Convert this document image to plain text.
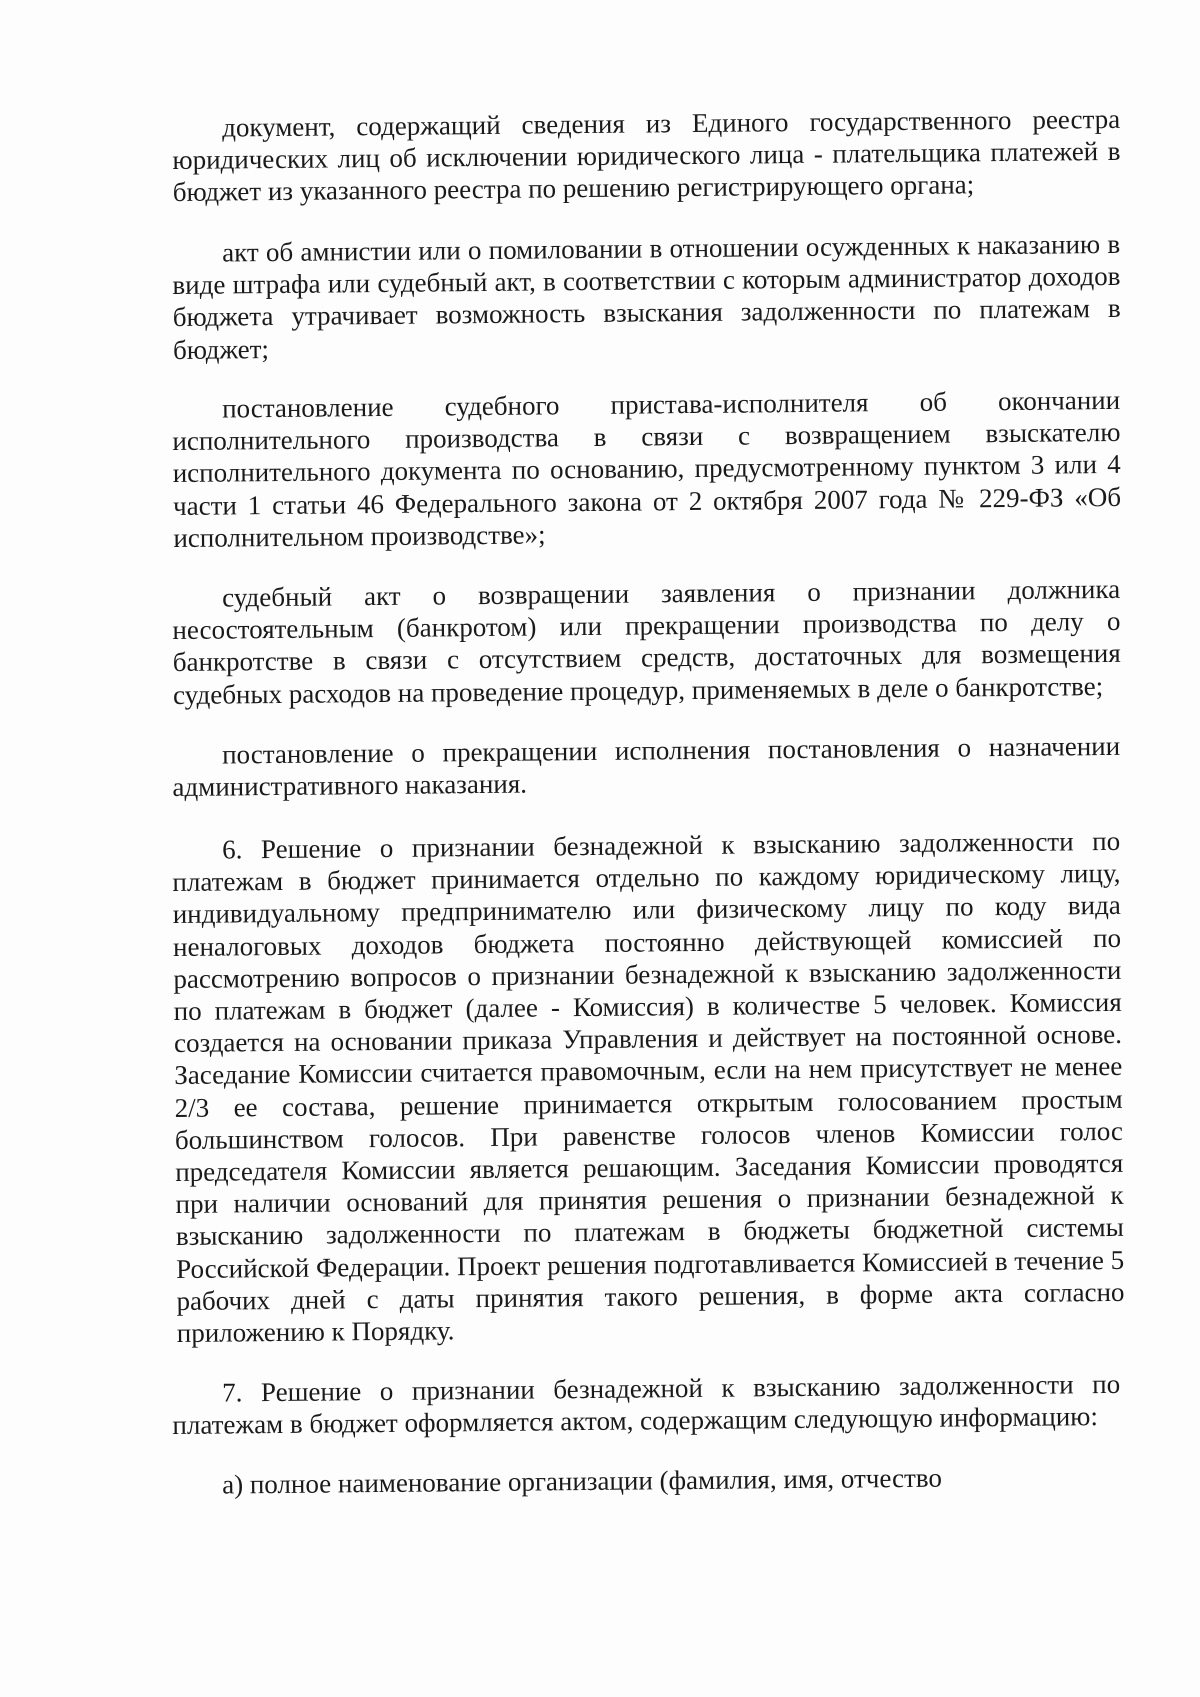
документ, содержащий сведения из Единого государственного реестра юридических лиц об исключении юридического лица - плательщика платежей в бюджет из указанного реестра по решению регистрирующего органа;

акт об амнистии или о помиловании в отношении осужденных к наказанию в виде штрафа или судебный акт, в соответствии с которым администратор доходов бюджета утрачивает возможность взыскания задолженности по платежам в бюджет;

постановление судебного пристава-исполнителя об окончании исполнительного производства в связи с возвращением взыскателю исполнительного документа по основанию, предусмотренному пунктом 3 или 4 части 1 статьи 46 Федерального закона от 2 октября 2007 года № 229-ФЗ «Об исполнительном производстве»;

судебный акт о возвращении заявления о признании должника несостоятельным (банкротом) или прекращении производства по делу о банкротстве в связи с отсутствием средств, достаточных для возмещения судебных расходов на проведение процедур, применяемых в деле о банкротстве;

постановление о прекращении исполнения постановления о назначении административного наказания.

6. Решение о признании безнадежной к взысканию задолженности по платежам в бюджет принимается отдельно по каждому юридическому лицу, индивидуальному предпринимателю или физическому лицу по коду вида неналоговых доходов бюджета постоянно действующей комиссией по рассмотрению вопросов о признании безнадежной к взысканию задолженности по платежам в бюджет (далее - Комиссия) в количестве 5 человек. Комиссия создается на основании приказа Управления и действует на постоянной основе. Заседание Комиссии считается правомочным, если на нем присутствует не менее 2/3 ее состава, решение принимается открытым голосованием простым большинством голосов. При равенстве голосов членов Комиссии голос председателя Комиссии является решающим. Заседания Комиссии проводятся при наличии оснований для принятия решения о признании безнадежной к взысканию задолженности по платежам в бюджеты бюджетной системы Российской Федерации. Проект решения подготавливается Комиссией в течение 5 рабочих дней с даты принятия такого решения, в форме акта согласно приложению к Порядку.

7. Решение о признании безнадежной к взысканию задолженности по платежам в бюджет оформляется актом, содержащим следующую информацию:

а) полное наименование организации (фамилия, имя, отчество
